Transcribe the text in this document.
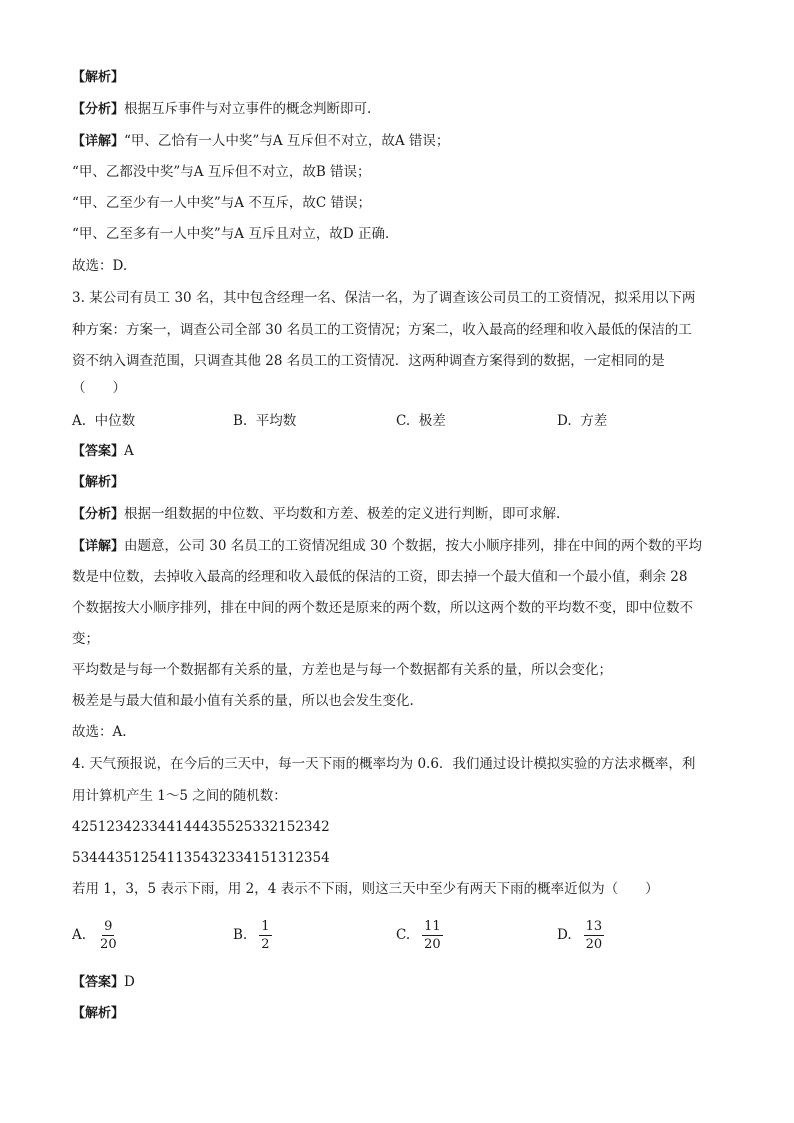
【解析】
【分析】根据互斥事件与对立事件的概念判断即可.
【详解】“甲、乙恰有一人中奖”与A 互斥但不对立，故A 错误；
“甲、乙都没中奖”与A 互斥但不对立，故B 错误；
“甲、乙至少有一人中奖”与A 不互斥，故C 错误；
“甲、乙至多有一人中奖”与A 互斥且对立，故D 正确．
故选：D.
3. 某公司有员工 30 名，其中包含经理一名、保洁一名，为了调查该公司员工的工资情况，拟采用以下两
种方案：方案一，调查公司全部 30 名员工的工资情况；方案二，收入最高的经理和收入最低的保洁的工
资不纳入调查范围，只调查其他 28 名员工的工资情况．这两种调查方案得到的数据，一定相同的是
（　　）
A. 中位数	B. 平均数	C. 极差	D. 方差
【答案】A
【解析】
【分析】根据一组数据的中位数、平均数和方差、极差的定义进行判断，即可求解.
【详解】由题意，公司 30 名员工的工资情况组成 30 个数据，按大小顺序排列，排在中间的两个数的平均
数是中位数，去掉收入最高的经理和收入最低的保洁的工资，即去掉一个最大值和一个最小值，剩余 28
个数据按大小顺序排列，排在中间的两个数还是原来的两个数，所以这两个数的平均数不变，即中位数不
变；
平均数是与每一个数据都有关系的量，方差也是与每一个数据都有关系的量，所以会变化；
极差是与最大值和最小值有关系的量，所以也会发生变化.
故选：A.
4. 天气预报说，在今后的三天中，每一天下雨的概率均为 0.6．我们通过设计模拟实验的方法求概率，利
用计算机产生 1～5 之间的随机数：
425123423344144435525332152342
534443512541135432334151312354
若用 1，3，5 表示下雨，用 2，4 表示不下雨，则这三天中至少有两天下雨的概率近似为（　　）
A. $\frac{9}{20}$	B. $\frac{1}{2}$	C. $\frac{11}{20}$	D. $\frac{13}{20}$
【答案】D
【解析】
